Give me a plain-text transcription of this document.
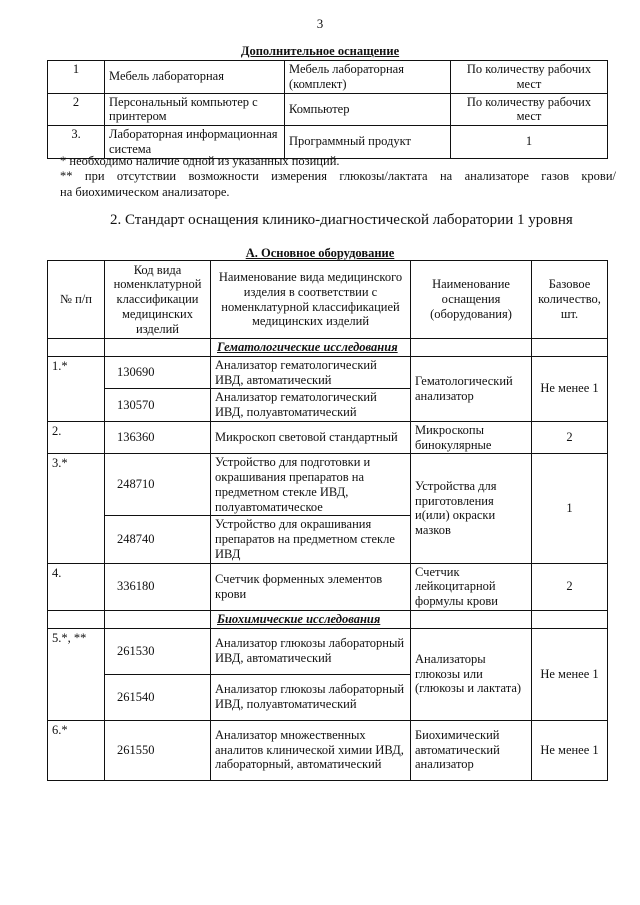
3
Дополнительное оснащение
1	Мебель лабораторная	Мебель лабораторная (комплект)	По количеству рабочих мест
2	Персональный компьютер с принтером	Компьютер	По количеству рабочих мест
3.	Лабораторная информационная система	Программный продукт	1

* необходимо наличие одной из указанных позиций.

** при отсутствии возможности измерения глюкозы/лактата на анализаторе газов крови/

на биохимическом анализаторе.

2. Стандарт оснащения клинико-диагностической лаборатории 1 уровня
А. Основное оборудование
№ п/п	Код вида номенклатурной классификации медицинских изделий	Наименование вида медицинского изделия в соответствии с номенклатурной классификацией медицинских изделий	Наименование оснащения (оборудования)	Базовое количество, шт.
		Гематологические исследования		
1.*	130690	Анализатор гематологический ИВД, автоматический	Гематологический анализатор	Не менее 1
	130570	Анализатор гематологический ИВД, полуавтоматический		
2.	136360	Микроскоп световой стандартный	Микроскопы бинокулярные	2
3.*	248710	Устройство для подготовки и окрашивания препаратов на предметном стекле ИВД, полуавтоматическое	Устройства для приготовления и(или) окраски мазков	1
	248740	Устройство для окрашивания препаратов на предметном стекле ИВД		
4.	336180	Счетчик форменных элементов крови	Счетчик лейкоцитарной формулы крови	2
		Биохимические исследования		
5.*, **	261530	Анализатор глюкозы лабораторный ИВД, автоматический	Анализаторы глюкозы или (глюкозы и лактата)	Не менее 1
	261540	Анализатор глюкозы лабораторный ИВД, полуавтоматический		
6.*	261550	Анализатор множественных аналитов клинической химии ИВД, лабораторный, автоматический	Биохимический автоматический анализатор	Не менее 1
